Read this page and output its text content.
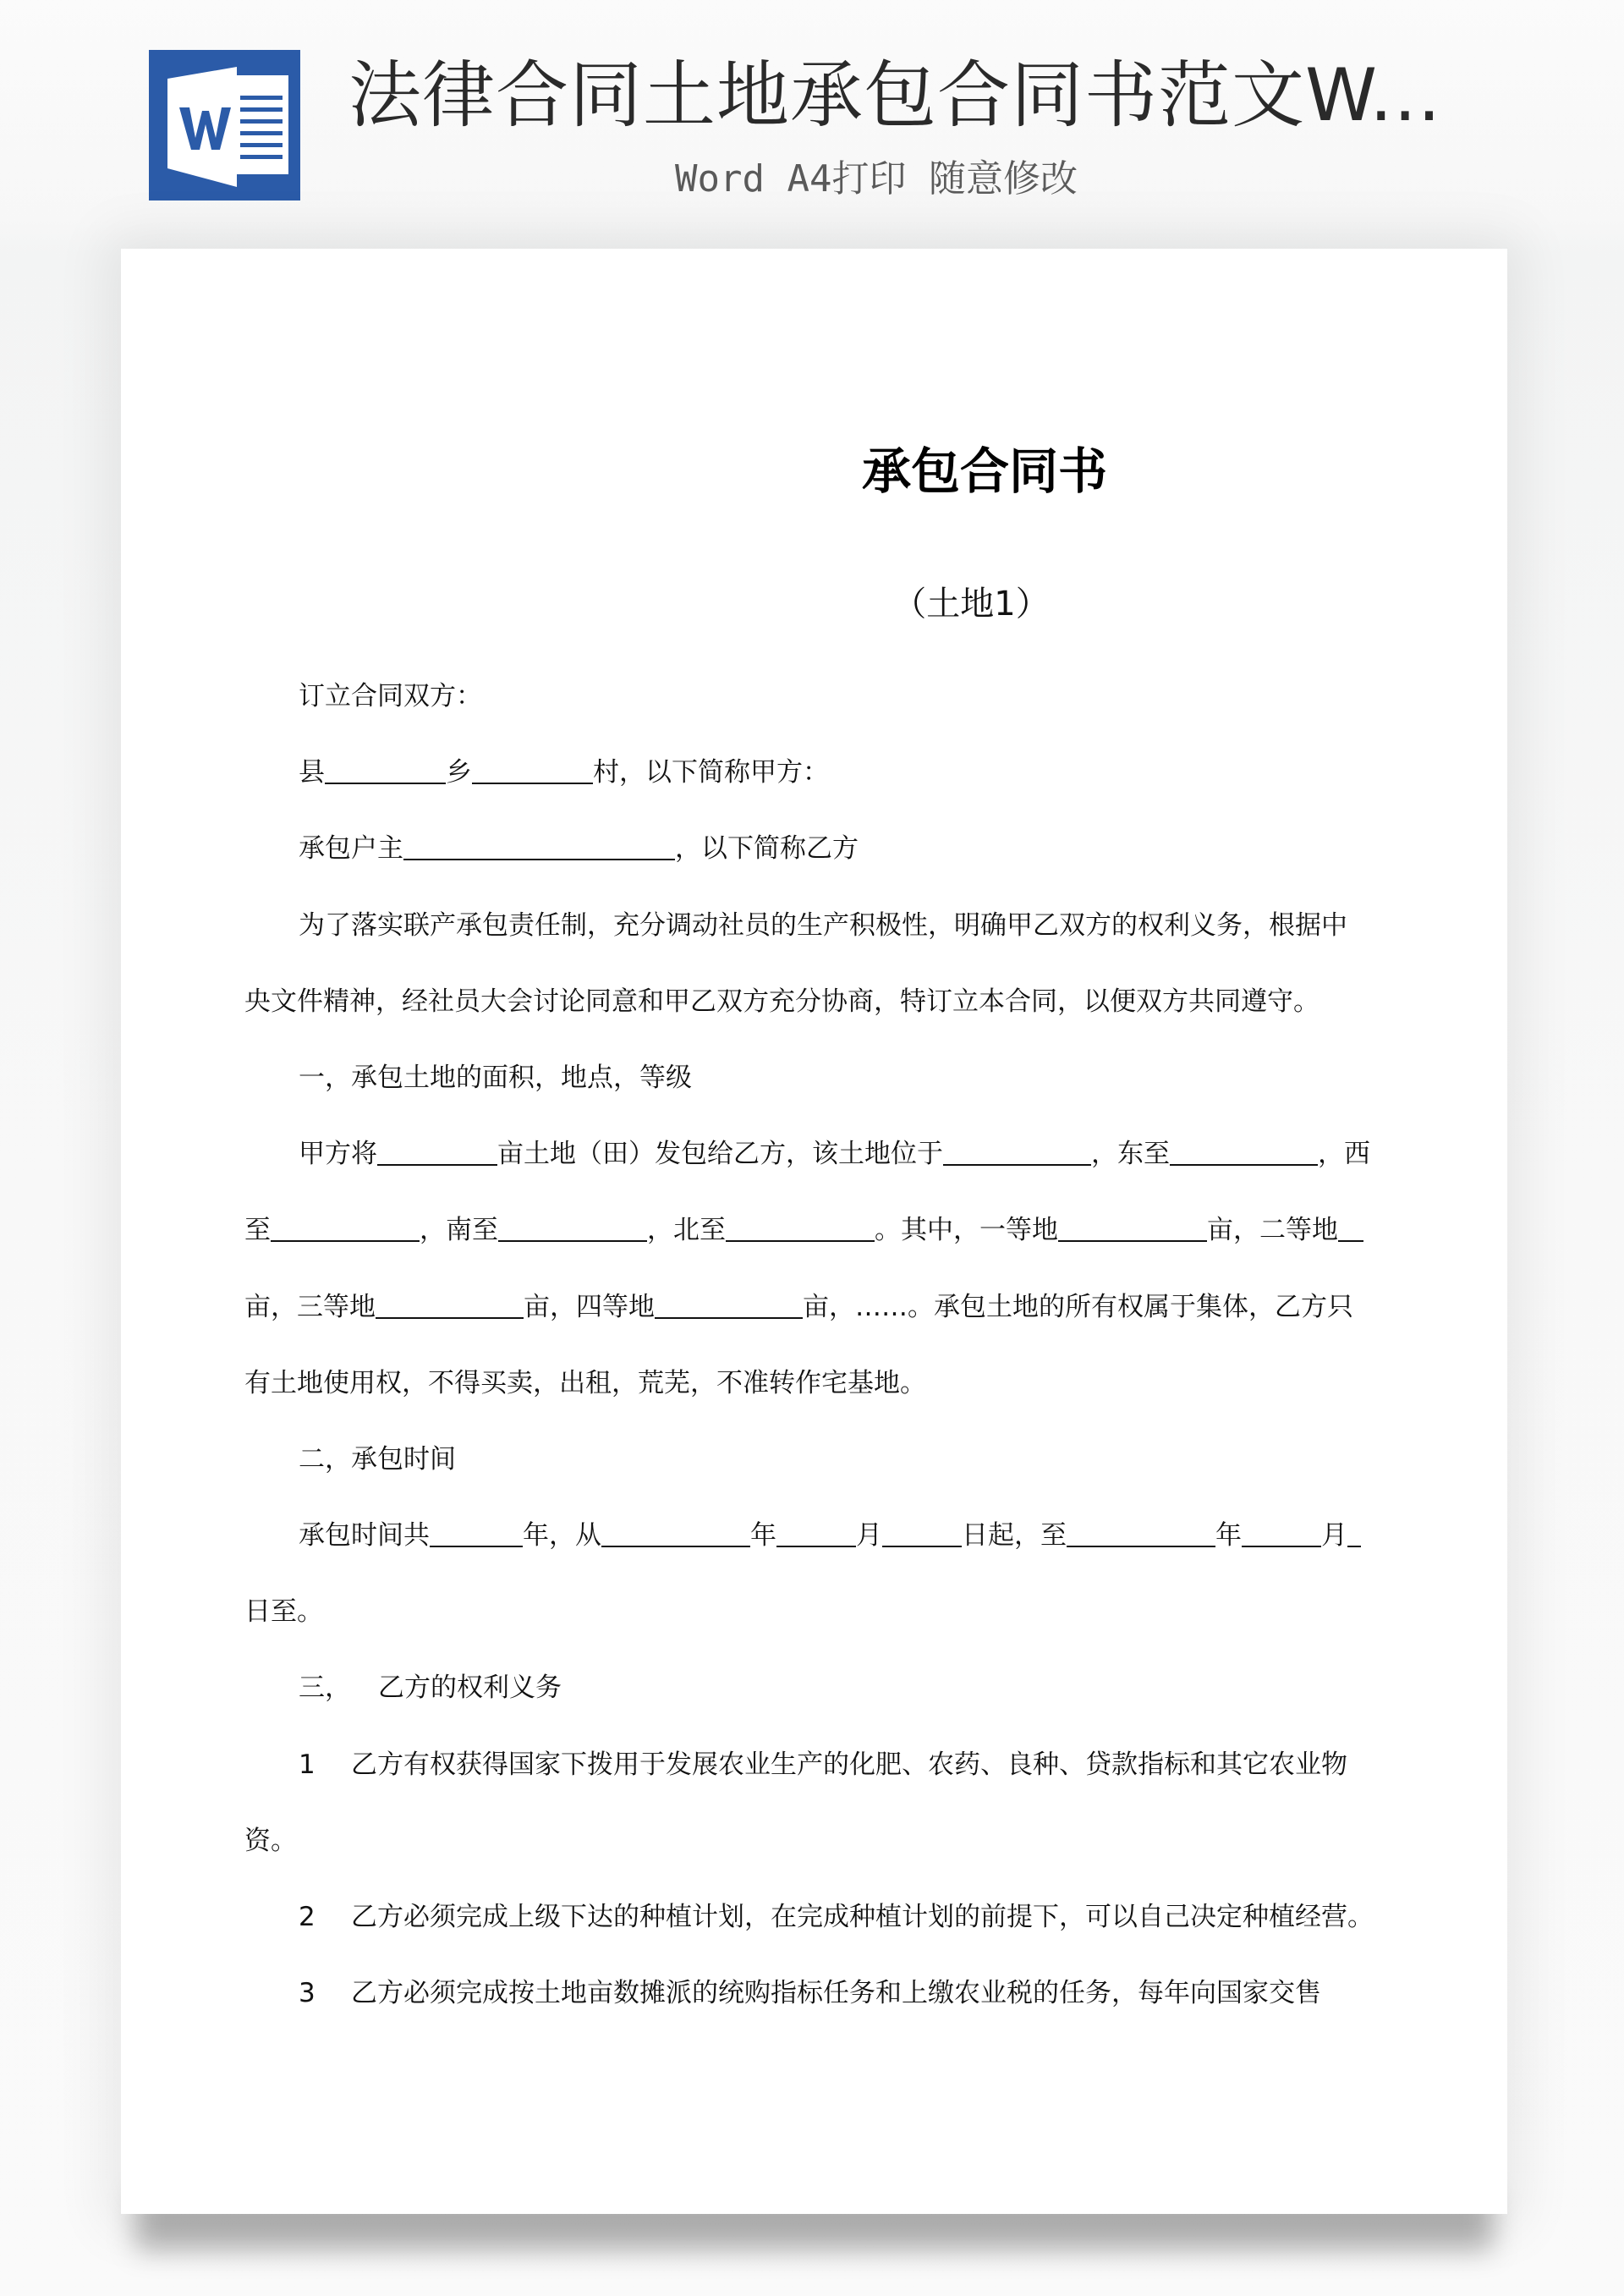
法律合同土地承包合同书范文W...
Word A4打印 随意修改
承包合同书
（土地1）
订立合同双方：
县	乡	村，以下简称甲方：
承包户主	，以下简称乙方
为了落实联产承包责任制，充分调动社员的生产积极性，明确甲乙双方的权利义务，根据中
央文件精神，经社员大会讨论同意和甲乙双方充分协商，特订立本合同，以便双方共同遵守。
一，承包土地的面积，地点，等级
甲方将	亩土地（田）发包给乙方，该土地位于	，东至	，西
至	，南至	，北至	。其中，一等地	亩，二等地
亩，三等地	亩，四等地	亩，……。承包土地的所有权属于集体，乙方只
有土地使用权，不得买卖，出租，荒芜，不准转作宅基地。
二，承包时间
承包时间共	年，从	年	月	日起，至	年	月
日至。
三， 乙方的权利义务
1 乙方有权获得国家下拨用于发展农业生产的化肥、农药、良种、贷款指标和其它农业物
资。
2 乙方必须完成上级下达的种植计划，在完成种植计划的前提下，可以自己决定种植经营。
3 乙方必须完成按土地亩数摊派的统购指标任务和上缴农业税的任务，每年向国家交售
